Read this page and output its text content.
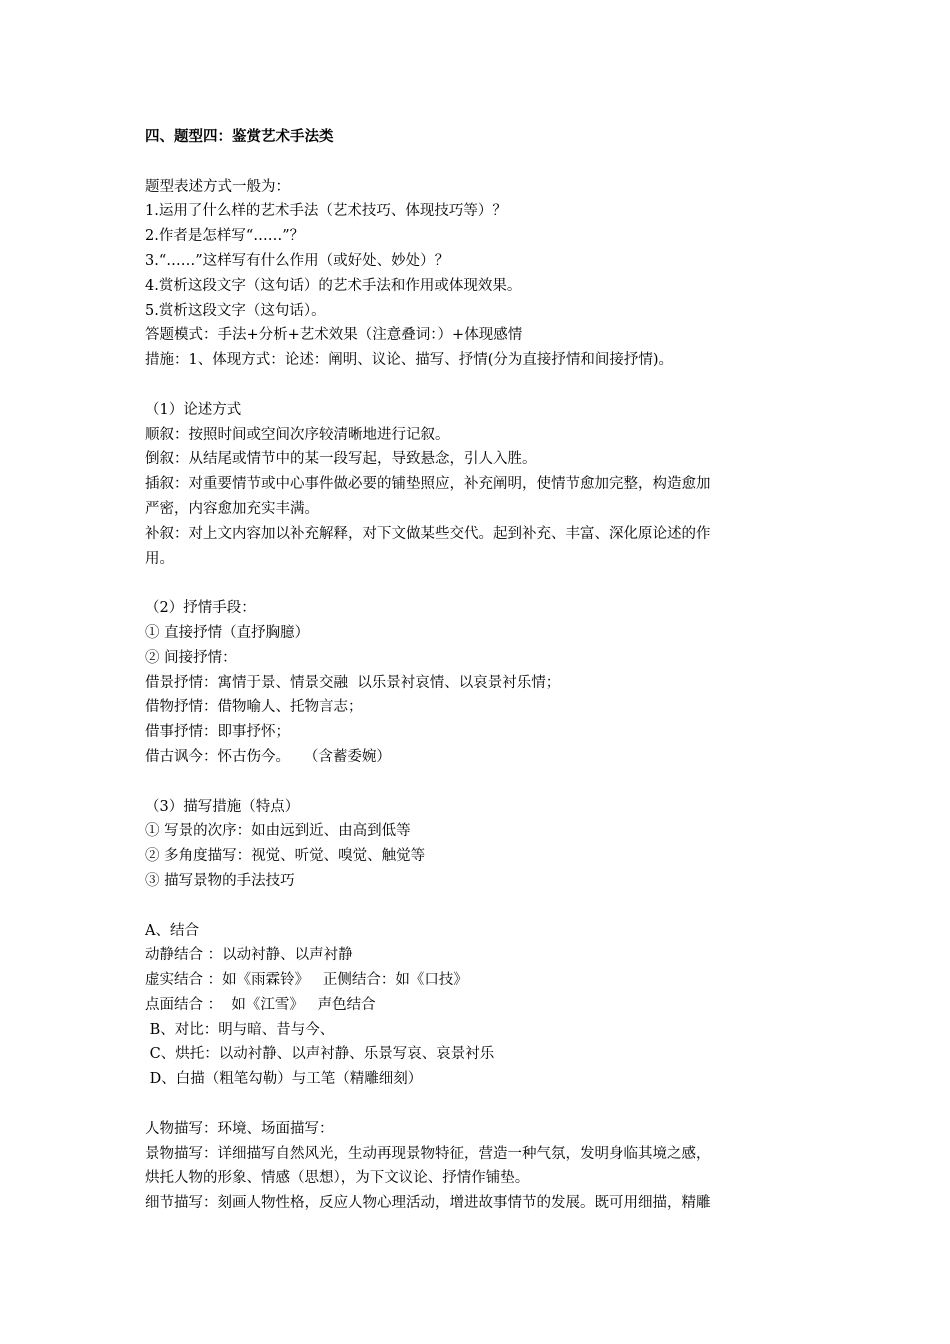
四、题型四：鉴赏艺术手法类
题型表述方式一般为：
1.运用了什么样的艺术手法（艺术技巧、体现技巧等）？
2.作者是怎样写“……”？
3.“……”这样写有什么作用（或好处、妙处）？
4.赏析这段文字（这句话）的艺术手法和作用或体现效果。
5.赏析这段文字（这句话）。
答题模式：手法+分析+艺术效果（注意叠词：）+体现感情
措施：1、体现方式：论述：阐明、议论、描写、抒情(分为直接抒情和间接抒情)。
（1）论述方式
顺叙：按照时间或空间次序较清晰地进行记叙。
倒叙：从结尾或情节中的某一段写起，导致悬念，引人入胜。
插叙：对重要情节或中心事件做必要的铺垫照应，补充阐明，使情节愈加完整，构造愈加
严密，内容愈加充实丰满。
补叙：对上文内容加以补充解释，对下文做某些交代。起到补充、丰富、深化原论述的作
用。
（2）抒情手段：
① 直接抒情（直抒胸臆）
② 间接抒情：
借景抒情：寓情于景、情景交融  以乐景衬哀情、以哀景衬乐情；
借物抒情：借物喻人、托物言志；
借事抒情：即事抒怀；
借古讽今：怀古伤今。   （含蓄委婉）
（3）描写措施（特点）
① 写景的次序：如由远到近、由高到低等
② 多角度描写：视觉、听觉、嗅觉、触觉等
③ 描写景物的手法技巧
A、结合
动静结合 ：以动衬静、以声衬静
虚实结合 ：如《雨霖铃》   正侧结合：如《口技》
点面结合 ：  如《江雪》   声色结合
B、对比：明与暗、昔与今、
C、烘托：以动衬静、以声衬静、乐景写哀、哀景衬乐
D、白描（粗笔勾勒）与工笔（精雕细刻）
人物描写：环境、场面描写：
景物描写：详细描写自然风光，生动再现景物特征，营造一种气氛，发明身临其境之感，
烘托人物的形象、情感（思想），为下文议论、抒情作铺垫。
细节描写：刻画人物性格，反应人物心理活动，增进故事情节的发展。既可用细描，精雕
